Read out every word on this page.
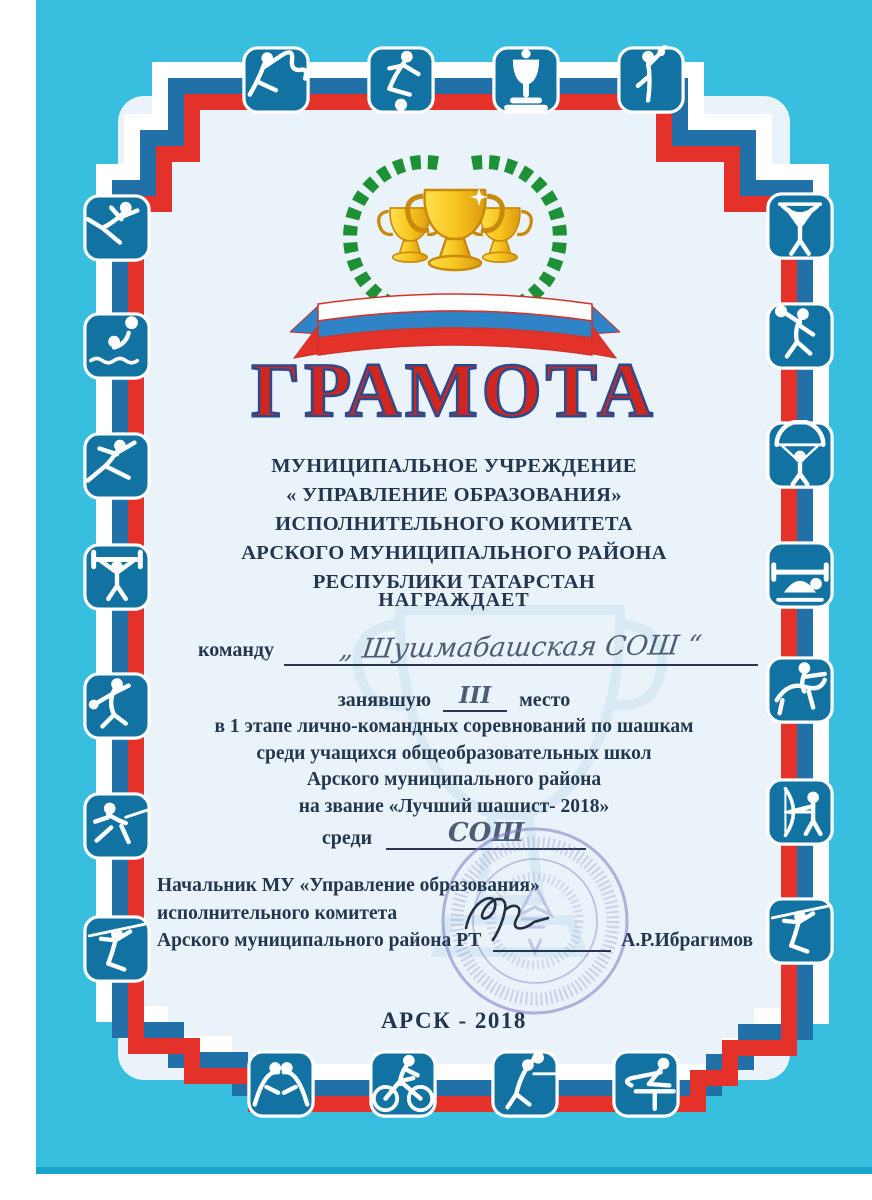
ГРАМОТА
МУНИЦИПАЛЬНОЕ УЧРЕЖДЕНИЕ
« УПРАВЛЕНИЕ ОБРАЗОВАНИЯ»
ИСПОЛНИТЕЛЬНОГО КОМИТЕТА
АРСКОГО МУНИЦИПАЛЬНОГО РАЙОНА
РЕСПУБЛИКИ ТАТАРСТАН
НАГРАЖДАЕТ
команду	„ Шушмабашская СОШ “
занявшую	III	место
в 1 этапе лично-командных соревнований по шашкам
среди учащихся общеобразовательных школ
Арского муниципального района
на звание «Лучший шашист- 2018»
среди	СОШ
Начальник МУ «Управление образования»
исполнительного комитета
Арского муниципального района РТ	А.Р.Ибрагимов
АРСК - 2018
